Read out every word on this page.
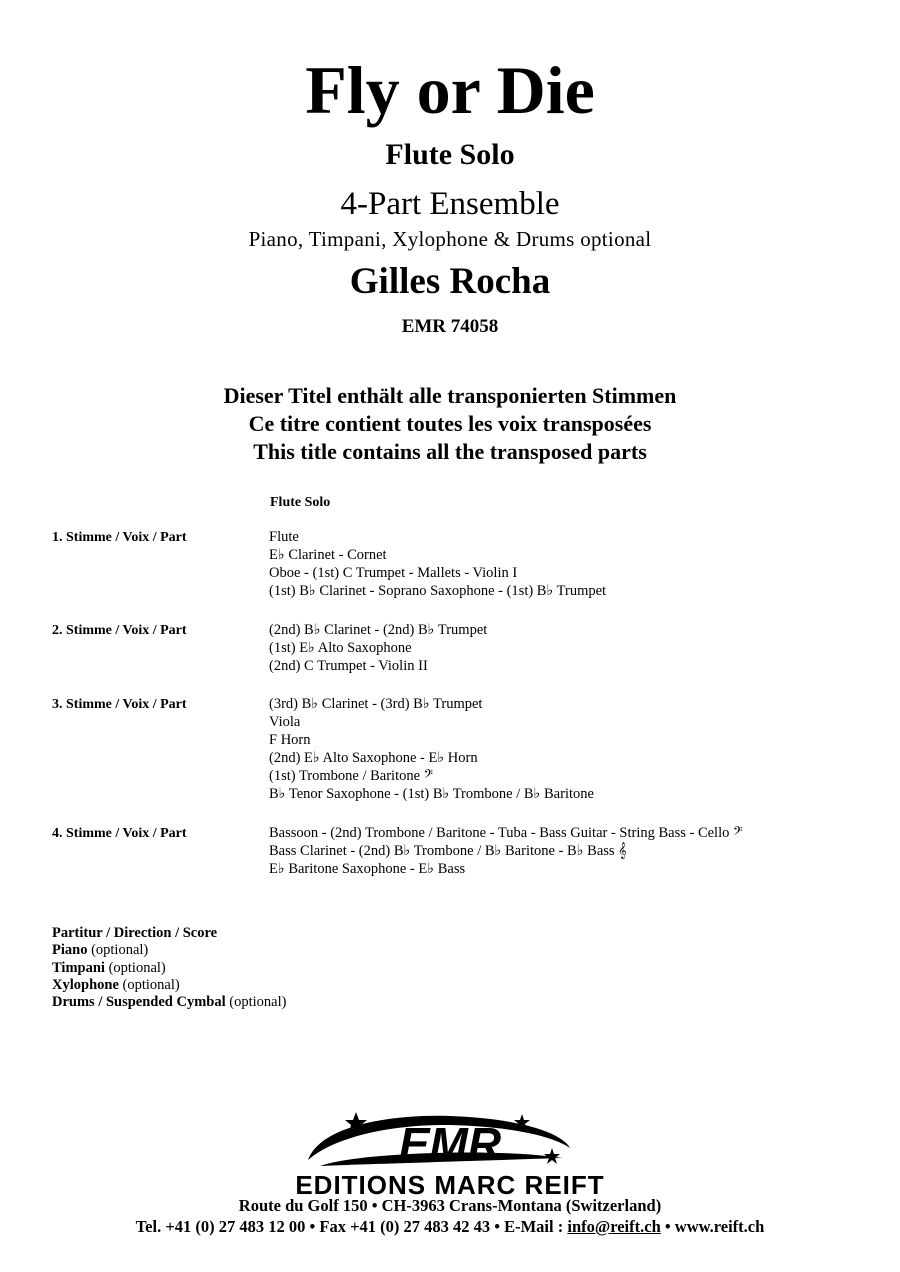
Fly or Die
Flute Solo
4-Part Ensemble
Piano, Timpani, Xylophone & Drums optional
Gilles Rocha
EMR 74058
Dieser Titel enthält alle transponierten Stimmen
Ce titre contient toutes les voix transposées
This title contains all the transposed parts
Flute Solo
1. Stimme / Voix / Part	Flute
E♭ Clarinet - Cornet
Oboe - (1st) C Trumpet - Mallets - Violin I
(1st) B♭ Clarinet - Soprano Saxophone - (1st) B♭ Trumpet
2. Stimme / Voix / Part	(2nd) B♭ Clarinet - (2nd) B♭ Trumpet
(1st) E♭ Alto Saxophone
(2nd) C Trumpet - Violin II
3. Stimme / Voix / Part	(3rd) B♭ Clarinet - (3rd) B♭ Trumpet
Viola
F Horn
(2nd) E♭ Alto Saxophone - E♭ Horn
(1st) Trombone / Baritone 𝄢
B♭ Tenor Saxophone - (1st) B♭ Trombone / B♭ Baritone
4. Stimme / Voix / Part	Bassoon - (2nd) Trombone / Baritone - Tuba - Bass Guitar - String Bass - Cello 𝄢
Bass Clarinet - (2nd) B♭ Trombone / B♭ Baritone - B♭ Bass 𝄞
E♭ Baritone Saxophone - E♭ Bass
Partitur / Direction / Score
Piano (optional)
Timpani (optional)
Xylophone (optional)
Drums / Suspended Cymbal (optional)
EMR
EDITIONS MARC REIFT
Route du Golf 150 • CH-3963 Crans-Montana (Switzerland)
Tel. +41 (0) 27 483 12 00 • Fax +41 (0) 27 483 42 43 • E-Mail : info@reift.ch • www.reift.ch
